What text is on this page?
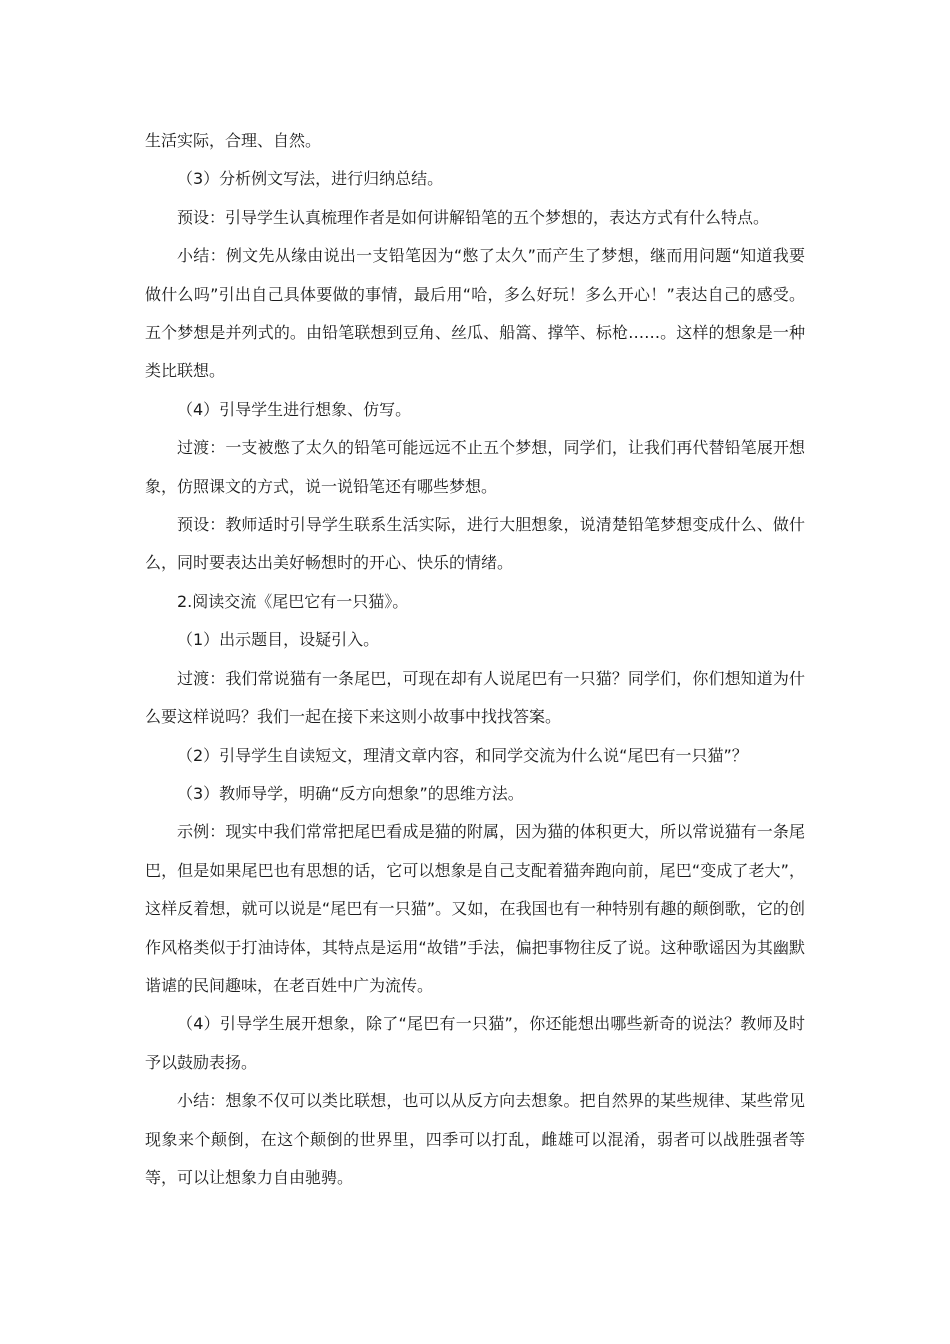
生活实际，合理、自然。

（3）分析例文写法，进行归纳总结。

预设：引导学生认真梳理作者是如何讲解铅笔的五个梦想的，表达方式有什么特点。

小结：例文先从缘由说出一支铅笔因为“憋了太久”而产生了梦想，继而用问题“知道我要做什么吗”引出自己具体要做的事情，最后用“哈，多么好玩！多么开心！”表达自己的感受。五个梦想是并列式的。由铅笔联想到豆角、丝瓜、船篙、撑竿、标枪……。这样的想象是一种类比联想。

（4）引导学生进行想象、仿写。

过渡：一支被憋了太久的铅笔可能远远不止五个梦想，同学们，让我们再代替铅笔展开想象，仿照课文的方式，说一说铅笔还有哪些梦想。

预设：教师适时引导学生联系生活实际，进行大胆想象，说清楚铅笔梦想变成什么、做什么，同时要表达出美好畅想时的开心、快乐的情绪。

2.阅读交流《尾巴它有一只猫》。

（1）出示题目，设疑引入。

过渡：我们常说猫有一条尾巴，可现在却有人说尾巴有一只猫？同学们，你们想知道为什么要这样说吗？我们一起在接下来这则小故事中找找答案。

（2）引导学生自读短文，理清文章内容，和同学交流为什么说“尾巴有一只猫”？

（3）教师导学，明确“反方向想象”的思维方法。

示例：现实中我们常常把尾巴看成是猫的附属，因为猫的体积更大，所以常说猫有一条尾巴，但是如果尾巴也有思想的话，它可以想象是自己支配着猫奔跑向前，尾巴“变成了老大”，这样反着想，就可以说是“尾巴有一只猫”。又如，在我国也有一种特别有趣的颠倒歌，它的创作风格类似于打油诗体，其特点是运用“故错”手法，偏把事物往反了说。这种歌谣因为其幽默谐谑的民间趣味，在老百姓中广为流传。

（4）引导学生展开想象，除了“尾巴有一只猫”，你还能想出哪些新奇的说法？教师及时予以鼓励表扬。

小结：想象不仅可以类比联想，也可以从反方向去想象。把自然界的某些规律、某些常见现象来个颠倒，在这个颠倒的世界里，四季可以打乱，雌雄可以混淆，弱者可以战胜强者等等，可以让想象力自由驰骋。
